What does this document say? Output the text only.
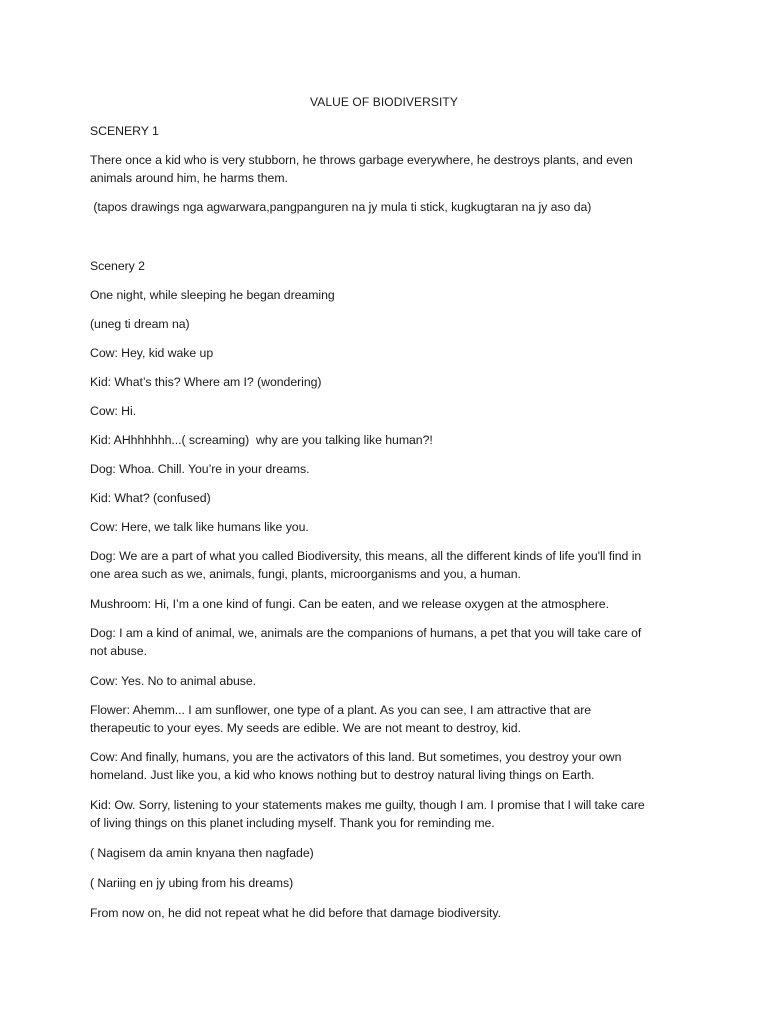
VALUE OF BIODIVERSITY
SCENERY 1
There once a kid who is very stubborn, he throws garbage everywhere, he destroys plants, and even
animals around him, he harms them.
(tapos drawings nga agwarwara,pangpanguren na jy mula ti stick, kugkugtaran na jy aso da)
Scenery 2
One night, while sleeping he began dreaming
(uneg ti dream na)
Cow: Hey, kid wake up
Kid: What’s this? Where am I? (wondering)
Cow: Hi.
Kid: AHhhhhhh...( screaming)  why are you talking like human?!
Dog: Whoa. Chill. You’re in your dreams.
Kid: What? (confused)
Cow: Here, we talk like humans like you.
Dog: We are a part of what you called Biodiversity, this means, all the different kinds of life you'll find in
one area such as we, animals, fungi, plants, microorganisms and you, a human.
Mushroom: Hi, I’m a one kind of fungi. Can be eaten, and we release oxygen at the atmosphere.
Dog: I am a kind of animal, we, animals are the companions of humans, a pet that you will take care of
not abuse.
Cow: Yes. No to animal abuse.
Flower: Ahemm... I am sunflower, one type of a plant. As you can see, I am attractive that are
therapeutic to your eyes. My seeds are edible. We are not meant to destroy, kid.
Cow: And finally, humans, you are the activators of this land. But sometimes, you destroy your own
homeland. Just like you, a kid who knows nothing but to destroy natural living things on Earth.
Kid: Ow. Sorry, listening to your statements makes me guilty, though I am. I promise that I will take care
of living things on this planet including myself. Thank you for reminding me.
( Nagisem da amin knyana then nagfade)
( Nariing en jy ubing from his dreams)
From now on, he did not repeat what he did before that damage biodiversity.
